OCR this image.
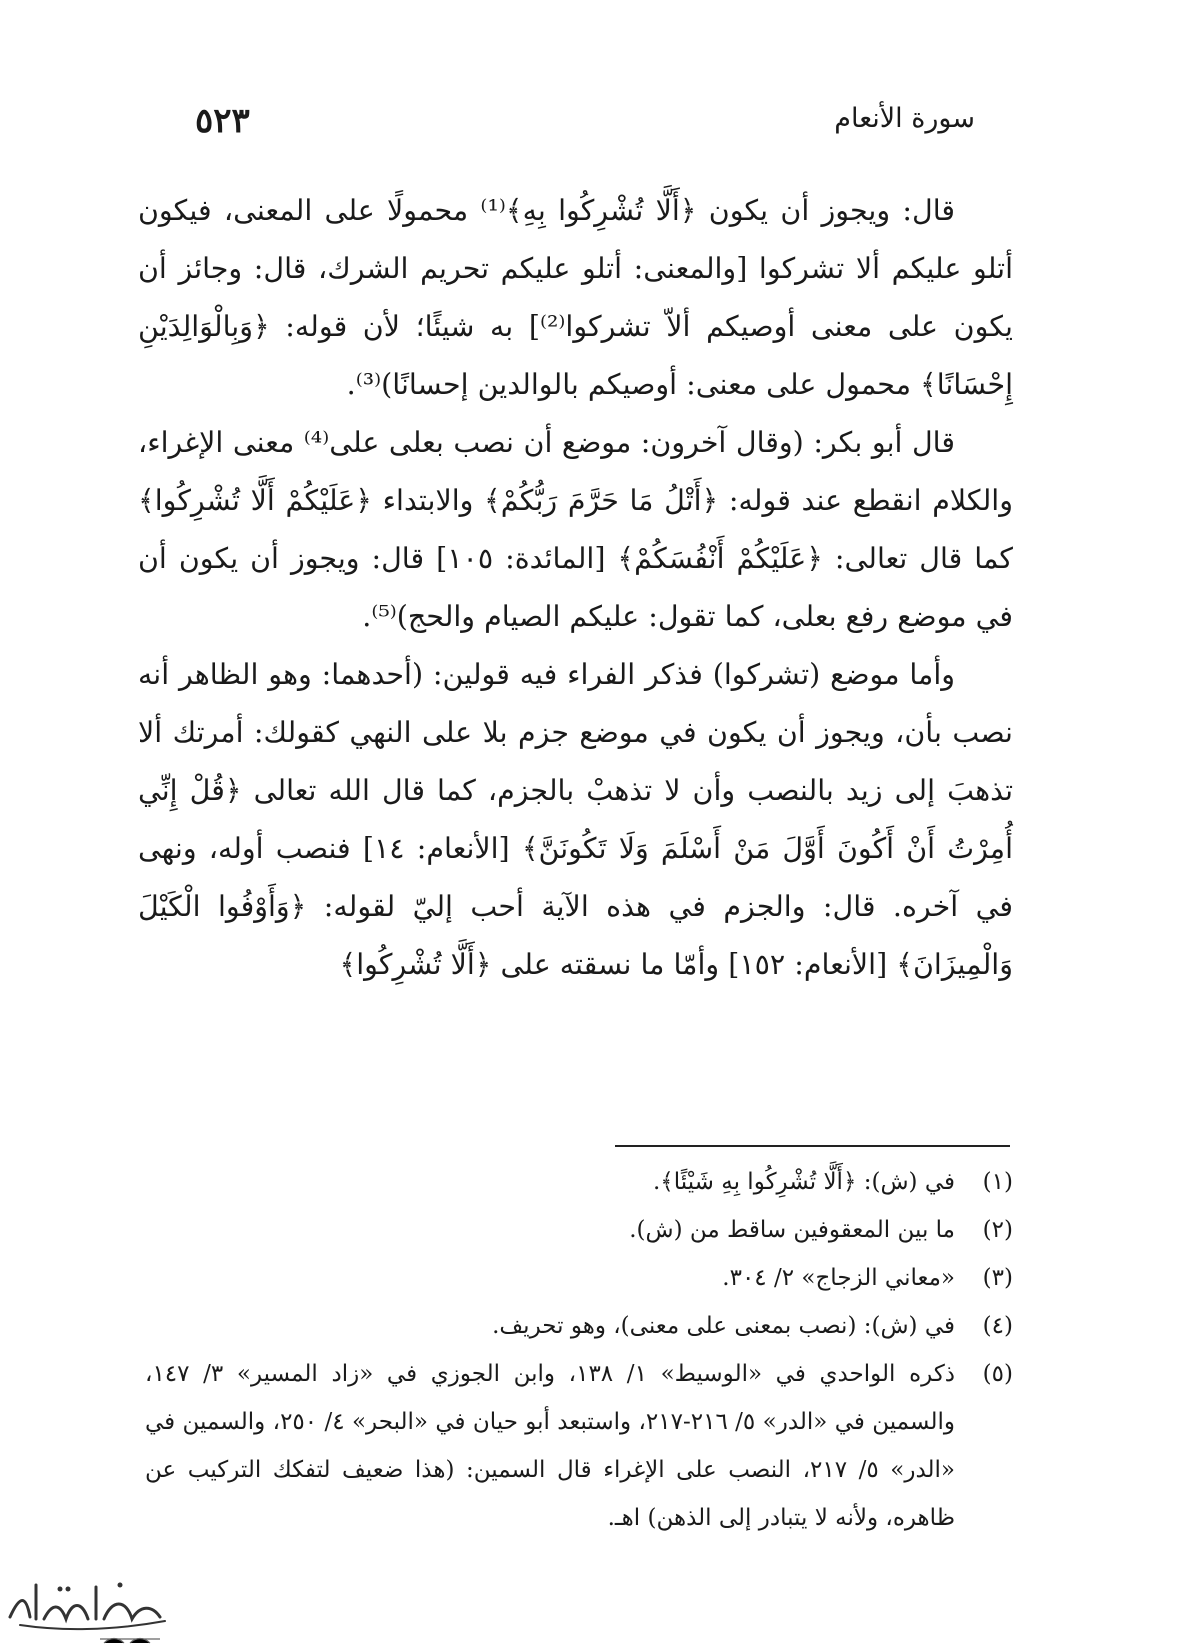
سورة الأنعام
٥٢٣

قال: ويجوز أن يكون ﴿أَلَّا تُشْرِكُوا بِهِ﴾⁽¹⁾ محمولًا على المعنى، فيكون أتلو عليكم ألا تشركوا [والمعنى: أتلو عليكم تحريم الشرك، قال: وجائز أن يكون على معنى أوصيكم ألاّ تشركوا⁽²⁾] به شيئًا؛ لأن قوله: ﴿وَبِالْوَالِدَيْنِ إِحْسَانًا﴾ محمول على معنى: أوصيكم بالوالدين إحسانًا)⁽³⁾.

قال أبو بكر: (وقال آخرون: موضع أن نصب بعلى على⁽⁴⁾ معنى الإغراء، والكلام انقطع عند قوله: ﴿أَتْلُ مَا حَرَّمَ رَبُّكُمْ﴾ والابتداء ﴿عَلَيْكُمْ أَلَّا تُشْرِكُوا﴾ كما قال تعالى: ﴿عَلَيْكُمْ أَنْفُسَكُمْ﴾ [المائدة: ١٠٥] قال: ويجوز أن يكون أن في موضع رفع بعلى، كما تقول: عليكم الصيام والحج)⁽⁵⁾.

وأما موضع (تشركوا) فذكر الفراء فيه قولين: (أحدهما: وهو الظاهر أنه نصب بأن، ويجوز أن يكون في موضع جزم بلا على النهي كقولك: أمرتك ألا تذهبَ إلى زيد بالنصب وأن لا تذهبْ بالجزم، كما قال الله تعالى ﴿قُلْ إِنِّي أُمِرْتُ أَنْ أَكُونَ أَوَّلَ مَنْ أَسْلَمَ وَلَا تَكُونَنَّ﴾ [الأنعام: ١٤] فنصب أوله، ونهى في آخره. قال: والجزم في هذه الآية أحب إليّ لقوله: ﴿وَأَوْفُوا الْكَيْلَ وَالْمِيزَانَ﴾ [الأنعام: ١٥٢] وأمّا ما نسقته على ﴿أَلَّا تُشْرِكُوا﴾

(١)
في (ش): ﴿أَلَّا تُشْرِكُوا بِهِ شَيْئًا﴾.
(٢)
ما بين المعقوفين ساقط من (ش).
(٣)
«معاني الزجاج» ٢/ ٣٠٤.
(٤)
في (ش): (نصب بمعنى على معنى)، وهو تحريف.
(٥)
ذكره الواحدي في «الوسيط» ١/ ١٣٨، وابن الجوزي في «زاد المسير» ٣/ ١٤٧، والسمين في «الدر» ٥/ ٢١٦-٢١٧، واستبعد أبو حيان في «البحر» ٤/ ٢٥٠، والسمين في «الدر» ٥/ ٢١٧، النصب على الإغراء قال السمين: (هذا ضعيف لتفكك التركيب عن ظاهره، ولأنه لا يتبادر إلى الذهن) اهـ.
